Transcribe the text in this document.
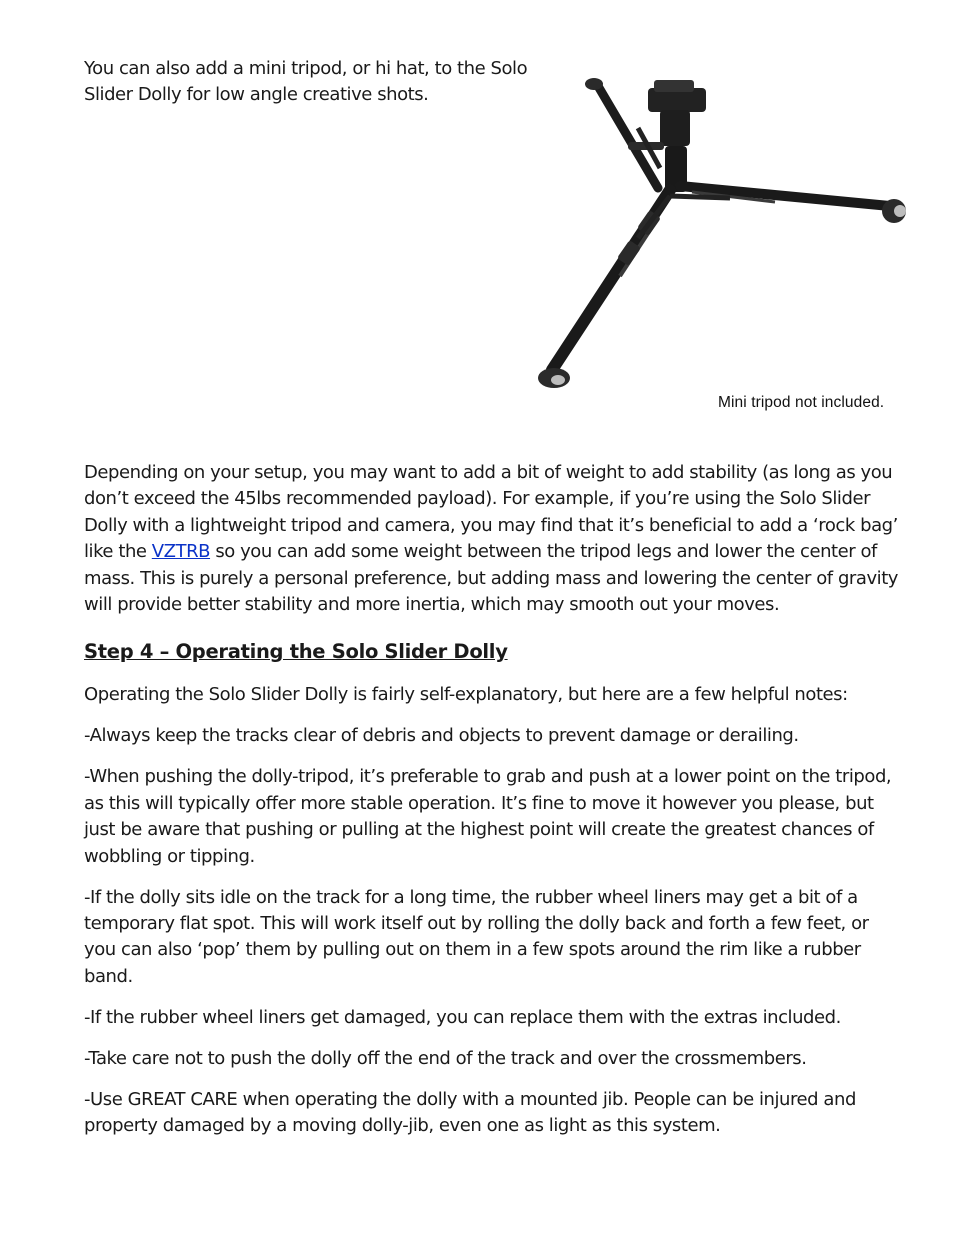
You can also add a mini tripod, or hi hat, to the Solo Slider Dolly for low angle creative shots.

Mini tripod not included.

Depending on your setup, you may want to add a bit of weight to add stability (as long as you don’t exceed the 45lbs recommended payload). For example, if you’re using the Solo Slider Dolly with a lightweight tripod and camera, you may find that it’s beneficial to add a ‘rock bag’ like the VZTRB so you can add some weight between the tripod legs and lower the center of mass. This is purely a personal preference, but adding mass and lowering the center of gravity will provide better stability and more inertia, which may smooth out your moves.

Step 4 – Operating the Solo Slider Dolly

Operating the Solo Slider Dolly is fairly self-explanatory, but here are a few helpful notes:

-Always keep the tracks clear of debris and objects to prevent damage or derailing.

-When pushing the dolly-tripod, it’s preferable to grab and push at a lower point on the tripod, as this will typically offer more stable operation. It’s fine to move it however you please, but just be aware that pushing or pulling at the highest point will create the greatest chances of wobbling or tipping.

-If the dolly sits idle on the track for a long time, the rubber wheel liners may get a bit of a temporary flat spot. This will work itself out by rolling the dolly back and forth a few feet, or you can also ‘pop’ them by pulling out on them in a few spots around the rim like a rubber band.

-If the rubber wheel liners get damaged, you can replace them with the extras included.

-Take care not to push the dolly off the end of the track and over the crossmembers.

-Use GREAT CARE when operating the dolly with a mounted jib. People can be injured and property damaged by a moving dolly-jib, even one as light as this system.
